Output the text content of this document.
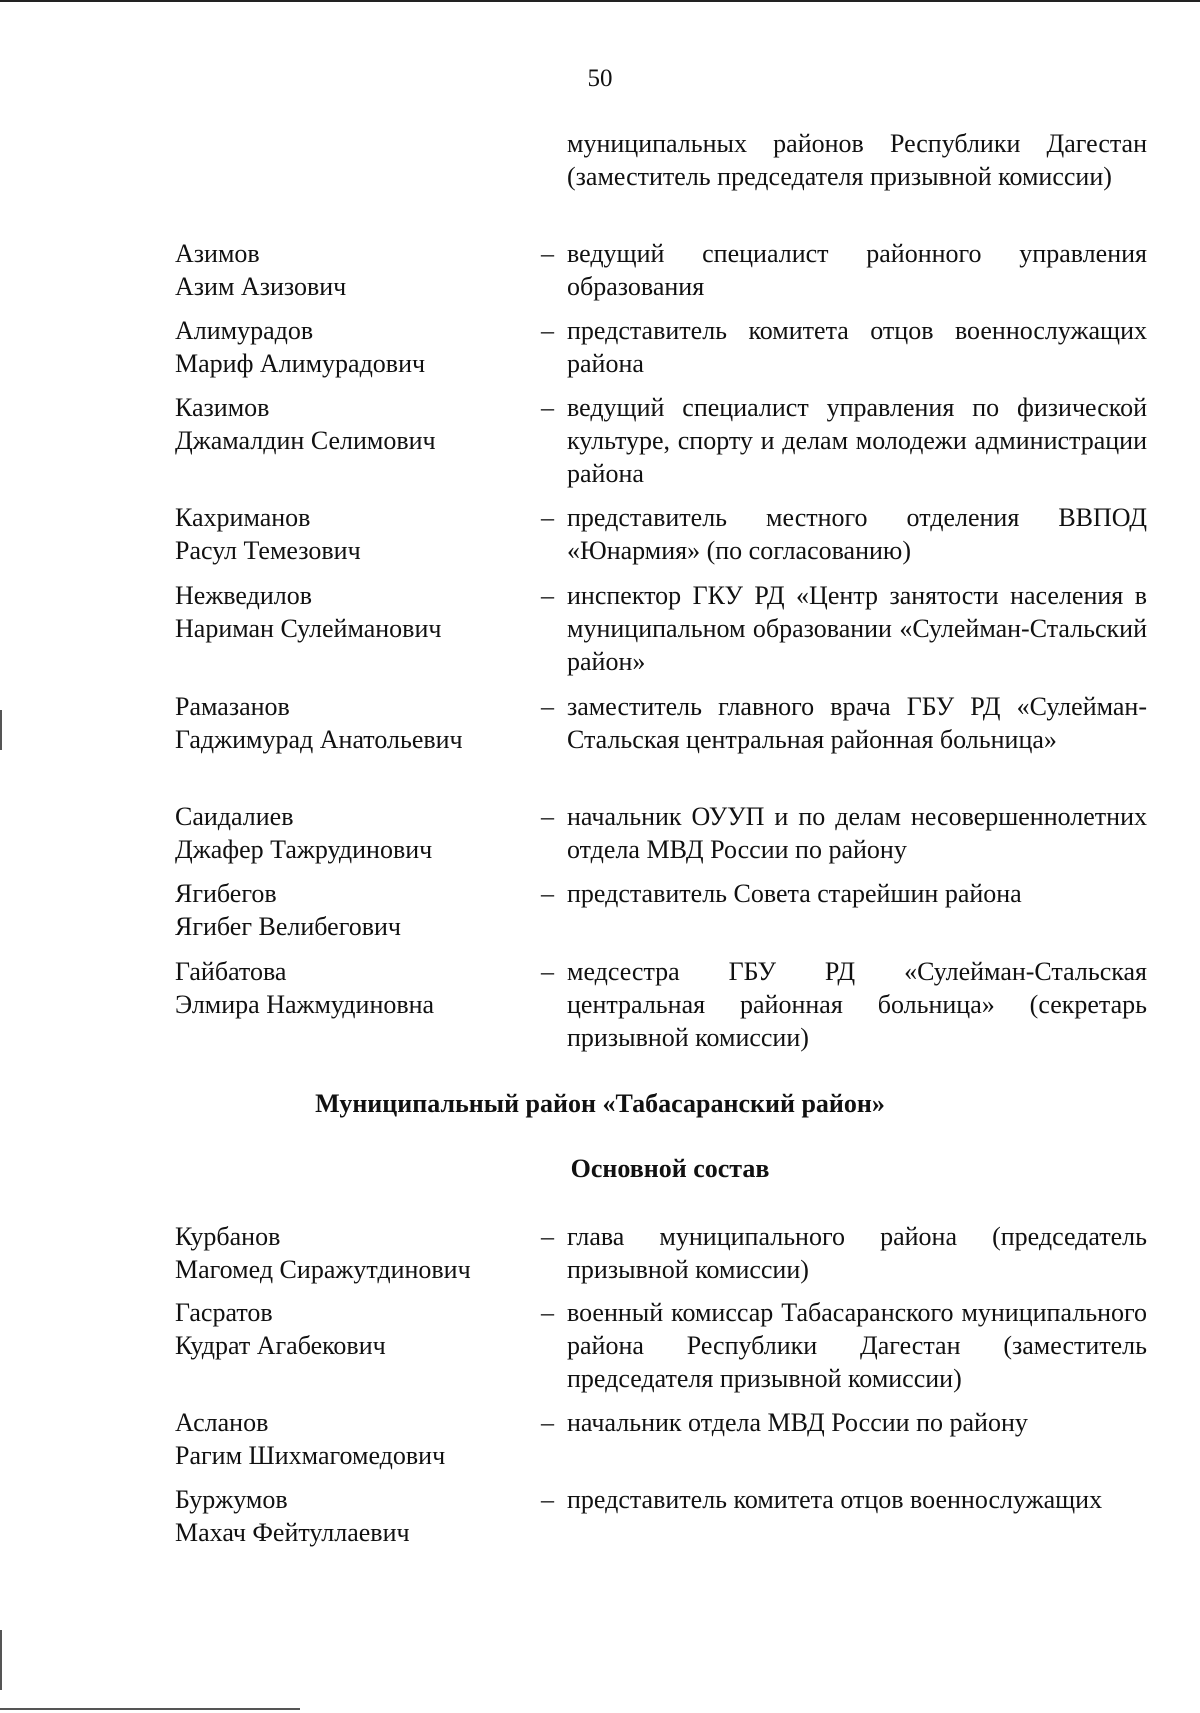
50
муниципальных районов Республики Дагестан (заместитель председателя призывной комиссии)
Азимов
Азим Азизович
– ведущий специалист районного управления образования
Алимурадов
Мариф Алимурадович
– представитель комитета отцов военнослужащих района
Казимов
Джамалдин Селимович
– ведущий специалист управления по физической культуре, спорту и делам молодежи администрации района
Кахриманов
Расул Темезович
– представитель местного отделения ВВПОД «Юнармия» (по согласованию)
Нежведилов
Нариман Сулейманович
– инспектор ГКУ РД «Центр занятости населения в муниципальном образовании «Сулейман-Стальский район»
Рамазанов
Гаджимурад Анатольевич
– заместитель главного врача ГБУ РД «Сулейман-Стальская центральная районная больница»
Саидалиев
Джафер Тажрудинович
– начальник ОУУП и по делам несовершеннолетних отдела МВД России по району
Ягибегов
Ягибег Велибегович
– представитель Совета старейшин района
Гайбатова
Элмира Нажмудиновна
– медсестра ГБУ РД «Сулейман-Стальская центральная районная больница» (секретарь призывной комиссии)
Муниципальный район «Табасаранский район»
Основной состав
Курбанов
Магомед Сиражутдинович
– глава муниципального района (председатель призывной комиссии)
Гасратов
Кудрат Агабекович
– военный комиссар Табасаранского муниципального района Республики Дагестан (заместитель председателя призывной комиссии)
Асланов
Рагим Шихмагомедович
– начальник отдела МВД России по району
Буржумов
Махач Фейтуллаевич
– представитель комитета отцов военнослужащих
